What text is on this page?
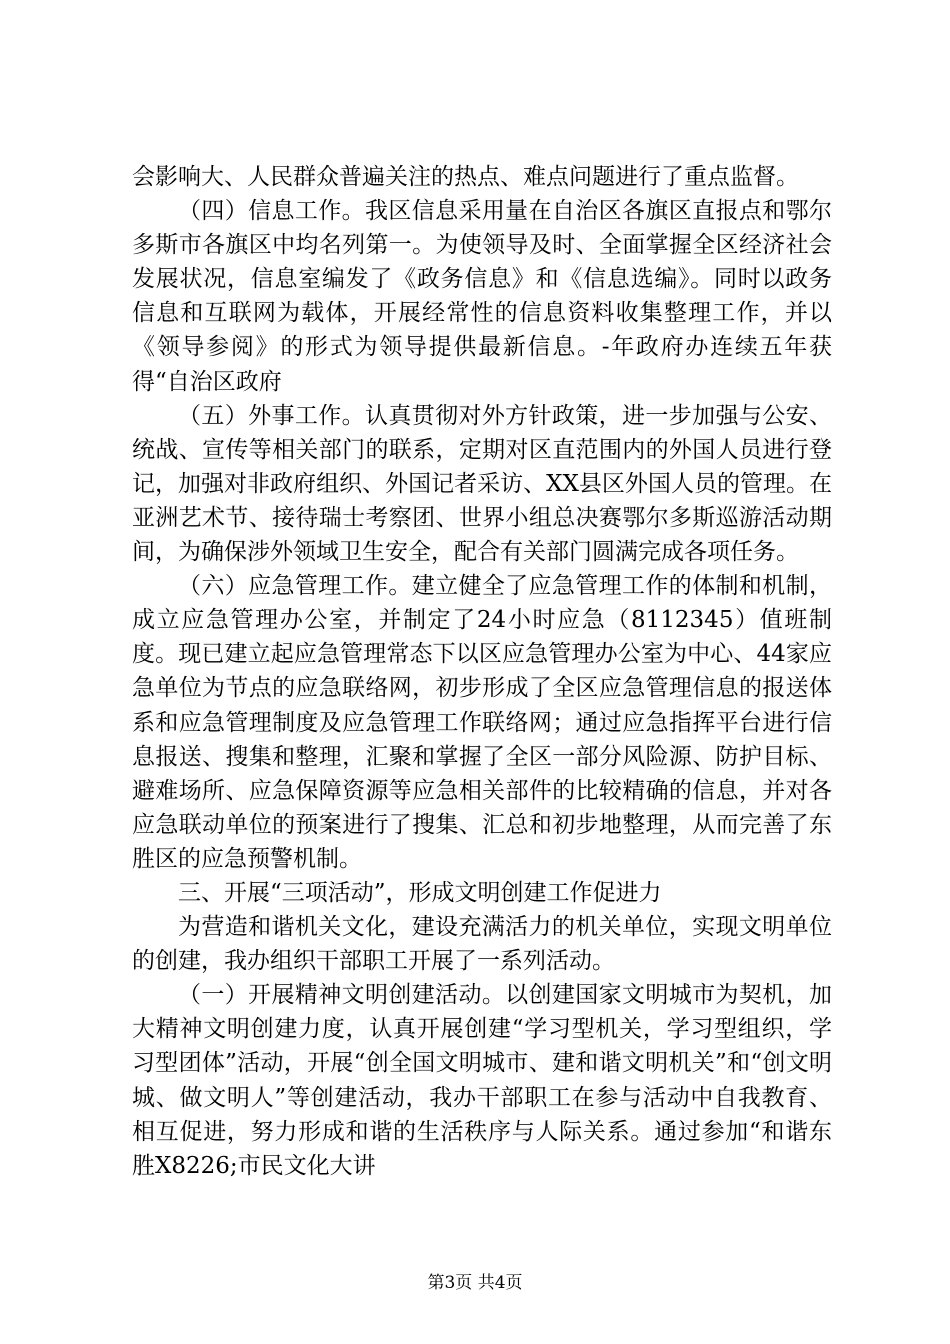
会影响大、人民群众普遍关注的热点、难点问题进行了重点监督。

（四）信息工作。我区信息采用量在自治区各旗区直报点和鄂尔多斯市各旗区中均名列第一。为使领导及时、全面掌握全区经济社会发展状况，信息室编发了《政务信息》和《信息选编》。同时以政务信息和互联网为载体，开展经常性的信息资料收集整理工作，并以《领导参阅》的形式为领导提供最新信息。-年政府办连续五年获得“自治区政府

（五）外事工作。认真贯彻对外方针政策，进一步加强与公安、统战、宣传等相关部门的联系，定期对区直范围内的外国人员进行登记，加强对非政府组织、外国记者采访、XX县区外国人员的管理。在亚洲艺术节、接待瑞士考察团、世界小组总决赛鄂尔多斯巡游活动期间，为确保涉外领域卫生安全，配合有关部门圆满完成各项任务。

（六）应急管理工作。建立健全了应急管理工作的体制和机制，成立应急管理办公室，并制定了24小时应急（8112345）值班制度。现已建立起应急管理常态下以区应急管理办公室为中心、44家应急单位为节点的应急联络网，初步形成了全区应急管理信息的报送体系和应急管理制度及应急管理工作联络网；通过应急指挥平台进行信息报送、搜集和整理，汇聚和掌握了全区一部分风险源、防护目标、避难场所、应急保障资源等应急相关部件的比较精确的信息，并对各应急联动单位的预案进行了搜集、汇总和初步地整理，从而完善了东胜区的应急预警机制。

三、开展“三项活动”，形成文明创建工作促进力

为营造和谐机关文化，建设充满活力的机关单位，实现文明单位的创建，我办组织干部职工开展了一系列活动。

（一）开展精神文明创建活动。以创建国家文明城市为契机，加大精神文明创建力度，认真开展创建“学习型机关，学习型组织，学习型团体”活动，开展“创全国文明城市、建和谐文明机关”和“创文明城、做文明人”等创建活动，我办干部职工在参与活动中自我教育、相互促进，努力形成和谐的生活秩序与人际关系。通过参加“和谐东胜X8226;市民文化大讲

第3页 共4页
